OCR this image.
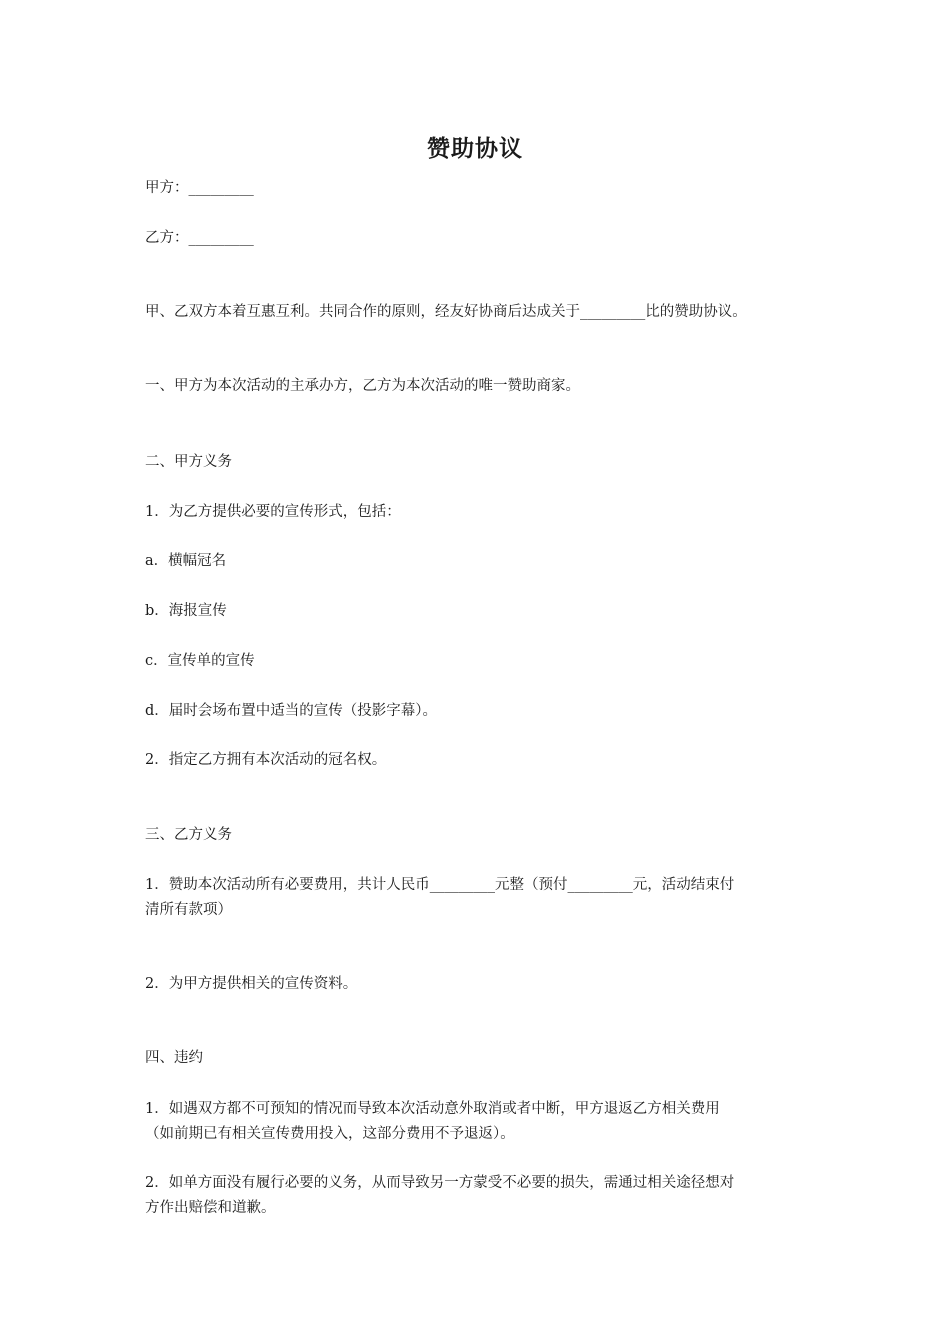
赞助协议
甲方：_________
乙方：_________
甲、乙双方本着互惠互利。共同合作的原则，经友好协商后达成关于_________比的赞助协议。
一、甲方为本次活动的主承办方，乙方为本次活动的唯一赞助商家。
二、甲方义务
1．为乙方提供必要的宣传形式，包括：
a．横幅冠名
b．海报宣传
c．宣传单的宣传
d．届时会场布置中适当的宣传（投影字幕）。
2．指定乙方拥有本次活动的冠名权。
三、乙方义务
1．赞助本次活动所有必要费用，共计人民币_________元整（预付_________元，活动结束付
清所有款项）
2．为甲方提供相关的宣传资料。
四、违约
1．如遇双方都不可预知的情况而导致本次活动意外取消或者中断，甲方退返乙方相关费用
（如前期已有相关宣传费用投入，这部分费用不予退返）。
2．如单方面没有履行必要的义务，从而导致另一方蒙受不必要的损失，需通过相关途径想对
方作出赔偿和道歉。
